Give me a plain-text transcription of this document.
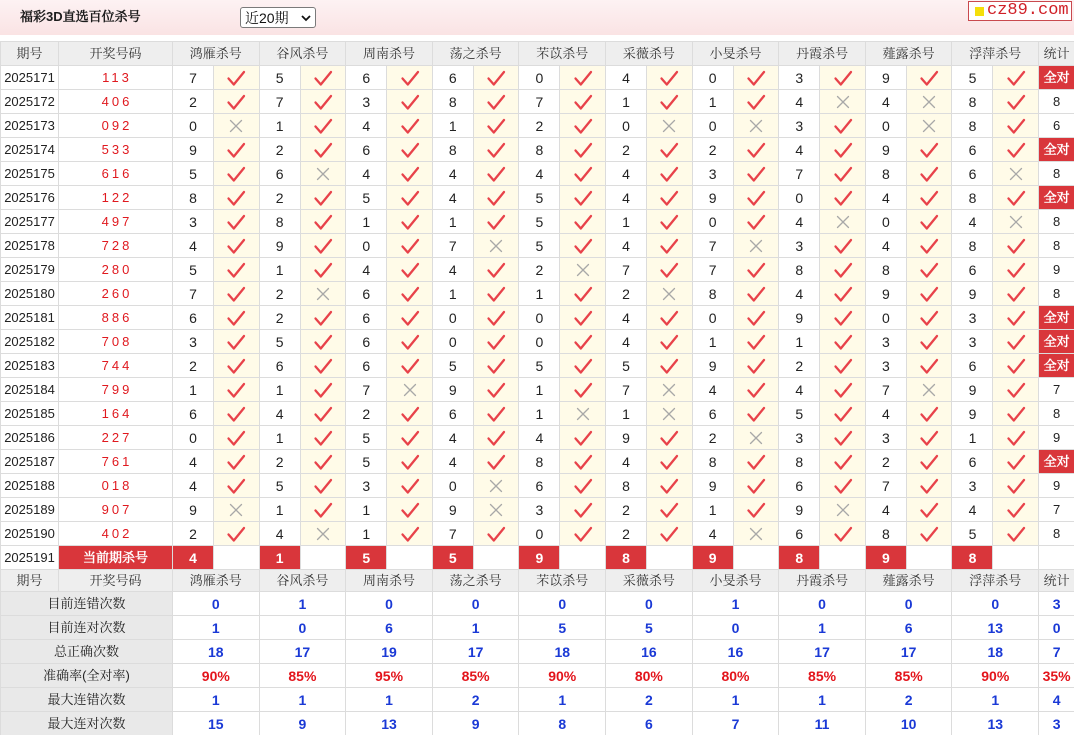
福彩3D直选百位杀号	近20期	cz89.com
期号	开奖号码	鸿雁杀号		谷风杀号		周南杀号		荡之杀号		芣苡杀号		采薇杀号		小旻杀号		丹霞杀号		薤露杀号		浮萍杀号		统计
2025171	113	7		5		6		6		0		4		0		3		9		5		全对
2025172	406	2		7		3		8		7		1		1		4		4		8		8
2025173	092	0		1		4		1		2		0		0		3		0		8		6
2025174	533	9		2		6		8		8		2		2		4		9		6		全对
2025175	616	5		6		4		4		4		4		3		7		8		6		8
2025176	122	8		2		5		4		5		4		9		0		4		8		全对
2025177	497	3		8		1		1		5		1		0		4		0		4		8
2025178	728	4		9		0		7		5		4		7		3		4		8		8
2025179	280	5		1		4		4		2		7		7		8		8		6		9
2025180	260	7		2		6		1		1		2		8		4		9		9		8
2025181	886	6		2		6		0		0		4		0		9		0		3		全对
2025182	708	3		5		6		0		0		4		1		1		3		3		全对
2025183	744	2		6		6		5		5		5		9		2		3		6		全对
2025184	799	1		1		7		9		1		7		4		4		7		9		7
2025185	164	6		4		2		6		1		1		6		5		4		9		8
2025186	227	0		1		5		4		4		9		2		3		3		1		9
2025187	761	4		2		5		4		8		4		8		8		2		6		全对
2025188	018	4		5		3		0		6		8		9		6		7		3		9
2025189	907	9		1		1		9		3		2		1		9		4		4		7
2025190	402	2		4		1		7		0		2		4		6		8		5		8
2025191	当前期杀号	4		1		5		5		9		8		9		8		9		8		
期号	开奖号码	鸿雁杀号		谷风杀号		周南杀号		荡之杀号		芣苡杀号		采薇杀号		小旻杀号		丹霞杀号		薤露杀号		浮萍杀号		统计
目前连错次数		0		1		0		0		0		0		1		0		0		0		3
目前连对次数		1		0		6		1		5		5		0		1		6		13		0
总正确次数		18		17		19		17		18		16		16		17		17		18		7
准确率(全对率)		90%		85%		95%		85%		90%		80%		80%		85%		85%		90%		35%
最大连错次数		1		1		1		2		1		2		1		1		2		1		4
最大连对次数		15		9		13		9		8		6		7		11		10		13		3
